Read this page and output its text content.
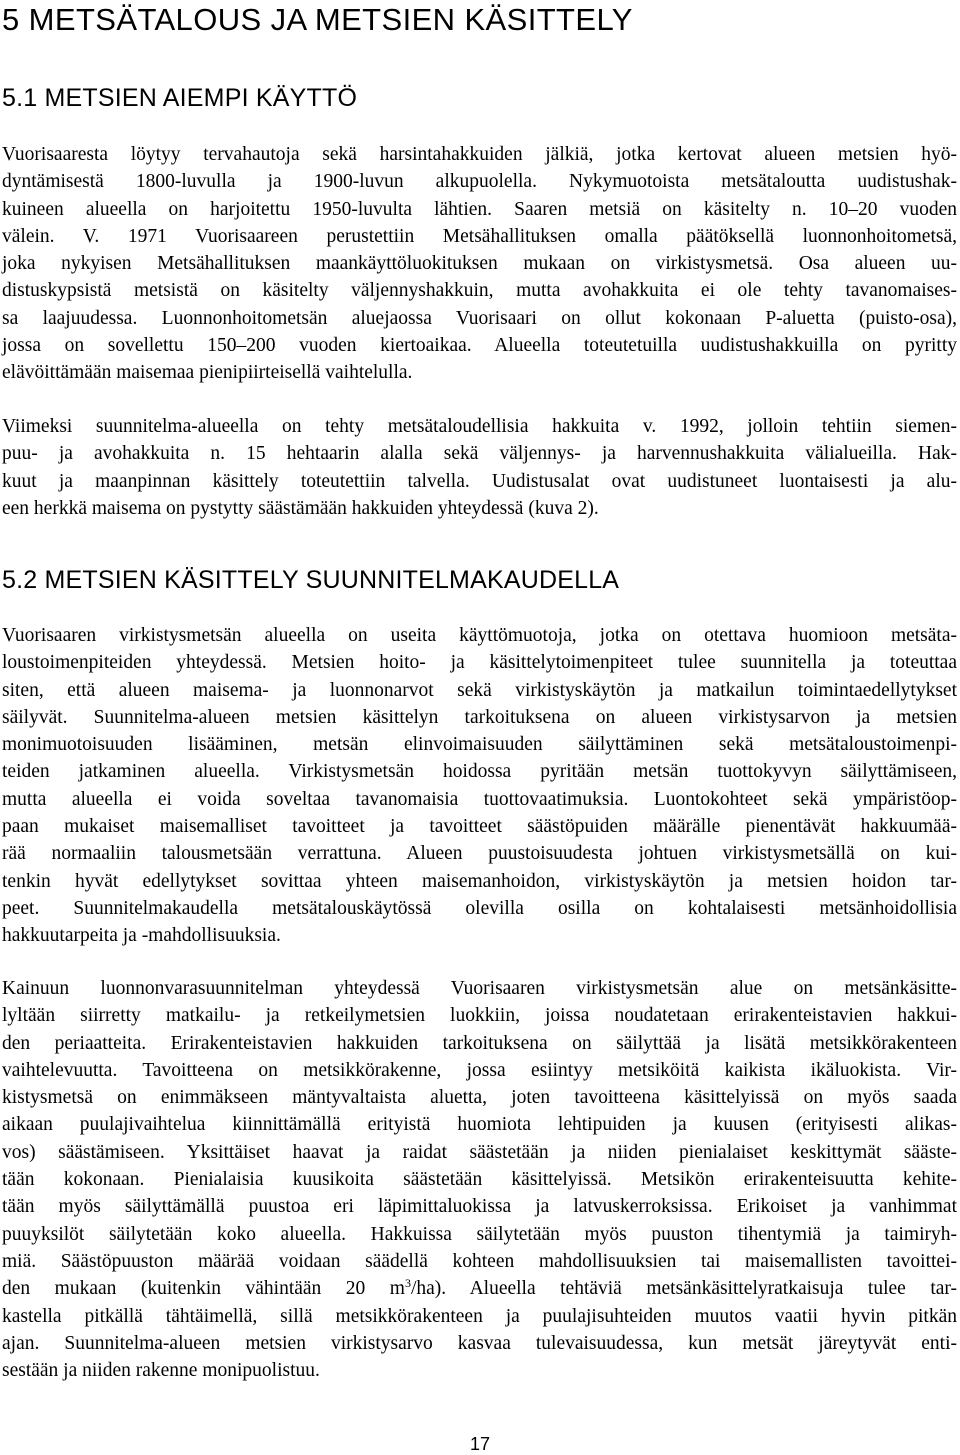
5 METSÄTALOUS JA METSIEN KÄSITTELY
5.1 METSIEN AIEMPI KÄYTTÖ
Vuorisaaresta löytyy tervahautoja sekä harsintahakkuiden jälkiä, jotka kertovat alueen metsien hyö-
dyntämisestä 1800-luvulla ja 1900-luvun alkupuolella. Nykymuotoista metsätaloutta uudistushak-
kuineen alueella on harjoitettu 1950-luvulta lähtien. Saaren metsiä on käsitelty n. 10–20 vuoden
välein. V. 1971 Vuorisaareen perustettiin Metsähallituksen omalla päätöksellä luonnonhoitometsä,
joka nykyisen Metsähallituksen maankäyttöluokituksen mukaan on virkistysmetsä. Osa alueen uu-
distuskypsistä metsistä on käsitelty väljennyshakkuin, mutta avohakkuita ei ole tehty tavanomaises-
sa laajuudessa. Luonnonhoitometsän aluejaossa Vuorisaari on ollut kokonaan P-aluetta (puisto-osa),
jossa on sovellettu 150–200 vuoden kiertoaikaa. Alueella toteutetuilla uudistushakkuilla on pyritty
elävöittämään maisemaa pienipiirteisellä vaihtelulla.
Viimeksi suunnitelma-alueella on tehty metsätaloudellisia hakkuita v. 1992, jolloin tehtiin siemen-
puu- ja avohakkuita n. 15 hehtaarin alalla sekä väljennys- ja harvennushakkuita välialueilla. Hak-
kuut ja maanpinnan käsittely toteutettiin talvella. Uudistusalat ovat uudistuneet luontaisesti ja alu-
een herkkä maisema on pystytty säästämään hakkuiden yhteydessä (kuva 2).
5.2 METSIEN KÄSITTELY SUUNNITELMAKAUDELLA
Vuorisaaren virkistysmetsän alueella on useita käyttömuotoja, jotka on otettava huomioon metsäta-
loustoimenpiteiden yhteydessä. Metsien hoito- ja käsittelytoimenpiteet tulee suunnitella ja toteuttaa
siten, että alueen maisema- ja luonnonarvot sekä virkistyskäytön ja matkailun toimintaedellytykset
säilyvät. Suunnitelma-alueen metsien käsittelyn tarkoituksena on alueen virkistysarvon ja metsien
monimuotoisuuden lisääminen, metsän elinvoimaisuuden säilyttäminen sekä metsätaloustoimenpi-
teiden jatkaminen alueella. Virkistysmetsän hoidossa pyritään metsän tuottokyvyn säilyttämiseen,
mutta alueella ei voida soveltaa tavanomaisia tuottovaatimuksia. Luontokohteet sekä ympäristöop-
paan mukaiset maisemalliset tavoitteet ja tavoitteet säästöpuiden määrälle pienentävät hakkuumää-
rää normaaliin talousmetsään verrattuna. Alueen puustoisuudesta johtuen virkistysmetsällä on kui-
tenkin hyvät edellytykset sovittaa yhteen maisemanhoidon, virkistyskäytön ja metsien hoidon tar-
peet. Suunnitelmakaudella metsätalouskäytössä olevilla osilla on kohtalaisesti metsänhoidollisia
hakkuutarpeita ja -mahdollisuuksia.
Kainuun luonnonvarasuunnitelman yhteydessä Vuorisaaren virkistysmetsän alue on metsänkäsitte-
lyltään siirretty matkailu- ja retkeilymetsien luokkiin, joissa noudatetaan erirakenteistavien hakkui-
den periaatteita. Erirakenteistavien hakkuiden tarkoituksena on säilyttää ja lisätä metsikkörakenteen
vaihtelevuutta. Tavoitteena on metsikkörakenne, jossa esiintyy metsiköitä kaikista ikäluokista. Vir-
kistysmetsä on enimmäkseen mäntyvaltaista aluetta, joten tavoitteena käsittelyissä on myös saada
aikaan puulajivaihtelua kiinnittämällä erityistä huomiota lehtipuiden ja kuusen (erityisesti alikas-
vos) säästämiseen. Yksittäiset haavat ja raidat säästetään ja niiden pienialaiset keskittymät sääste-
tään kokonaan. Pienialaisia kuusikoita säästetään käsittelyissä. Metsikön erirakenteisuutta kehite-
tään myös säilyttämällä puustoa eri läpimittaluokissa ja latvuskerroksissa. Erikoiset ja vanhimmat
puuyksilöt säilytetään koko alueella. Hakkuissa säilytetään myös puuston tihentymiä ja taimiryh-
miä. Säästöpuuston määrää voidaan säädellä kohteen mahdollisuuksien tai maisemallisten tavoittei-
den mukaan (kuitenkin vähintään 20 $m^3/ha$). Alueella tehtäviä metsänkäsittelyratkaisuja tulee tar-
kastella pitkällä tähtäimellä, sillä metsikkörakenteen ja puulajisuhteiden muutos vaatii hyvin pitkän
ajan. Suunnitelma-alueen metsien virkistysarvo kasvaa tulevaisuudessa, kun metsät järeytyvät enti-
sestään ja niiden rakenne monipuolistuu.
17
